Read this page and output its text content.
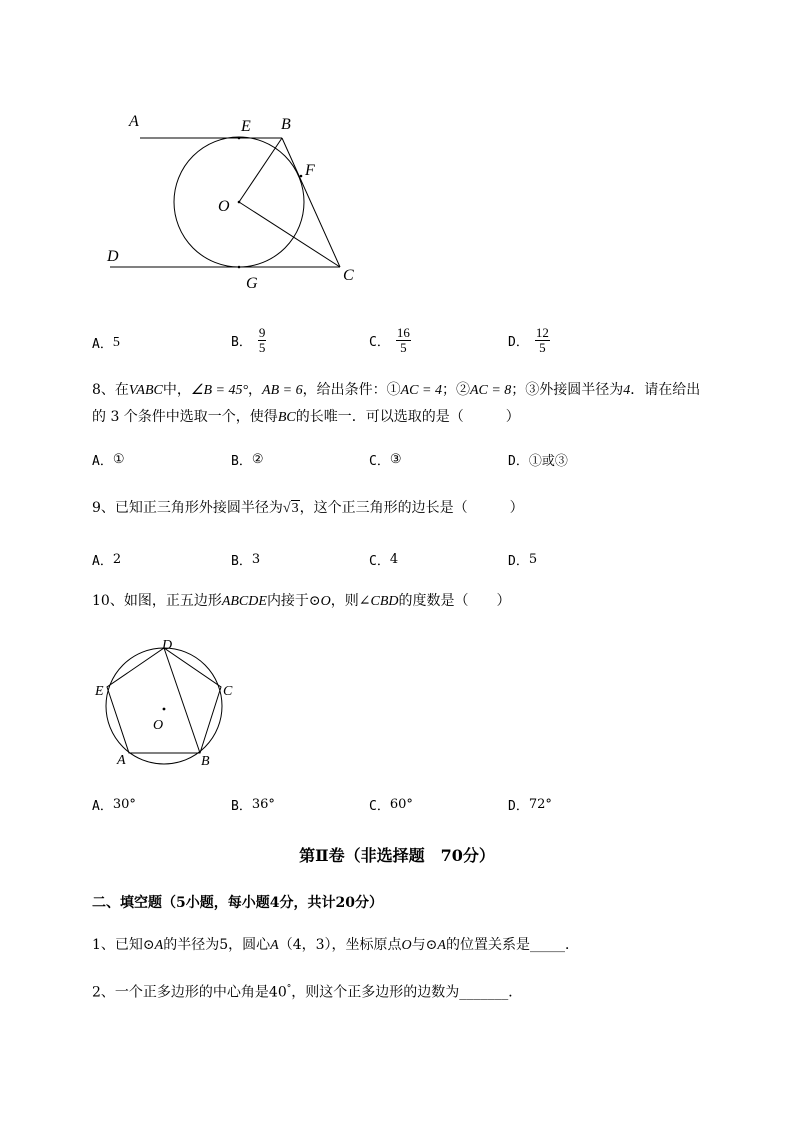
A	E B
F
O
D
G	C
A． 5	B． $\frac{9}{5}$	C． $\frac{16}{5}$	D． $\frac{12}{5}$
8、在VABC中，∠B = 45°，AB = 6，给出条件：①AC = 4；②AC = 8；③外接圆半径为4．请在给出
的 3 个条件中选取一个，使得BC的长唯一．可以选取的是（　　　）
A． ①	B． ②	C． ③	D． ①或③
9、已知正三角形外接圆半径为√3，这个正三角形的边长是（　　　）
A． 2	B． 3	C． 4	D． 5
10、如图，正五边形ABCDE内接于⊙O，则∠CBD的度数是（　　）
D
E	C
O
A	B
A． 30°	B． 36°	C． 60°	D． 72°
第Ⅱ卷（非选择题　70分）
二、填空题（5小题，每小题4分，共计20分）
1、已知⊙A的半径为5，圆心A（4，3），坐标原点O与⊙A的位置关系是_____．
2、一个正多边形的中心角是40°，则这个正多边形的边数为_______．
